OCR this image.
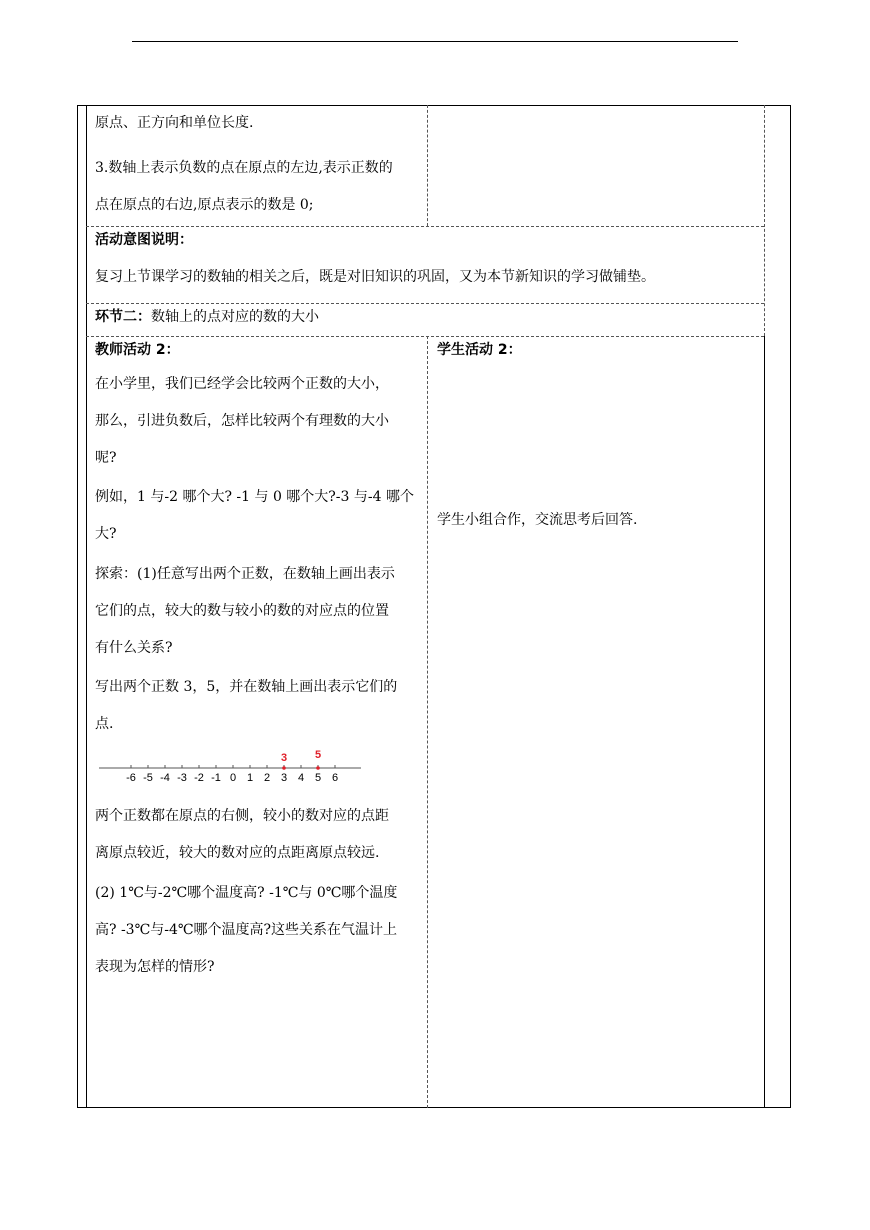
原点、正方向和单位长度.
3.数轴上表示负数的点在原点的左边,表示正数的
点在原点的右边,原点表示的数是 0;
活动意图说明：
复习上节课学习的数轴的相关之后，既是对旧知识的巩固，又为本节新知识的学习做铺垫。
环节二：数轴上的点对应的数的大小
教师活动 2：
在小学里，我们已经学会比较两个正数的大小，
那么，引进负数后，怎样比较两个有理数的大小
呢?
例如，1 与-2 哪个大? -1 与 0 哪个大?-3 与-4 哪个
大?
探索：(1)任意写出两个正数，在数轴上画出表示
它们的点，较大的数与较小的数的对应点的位置
有什么关系?
写出两个正数 3，5，并在数轴上画出表示它们的
点.
-6 -5 -4 -3 -2 -1 0 1 2 3 4 5 6
3	5
两个正数都在原点的右侧，较小的数对应的点距
离原点较近，较大的数对应的点距离原点较远.
(2) 1℃与-2℃哪个温度高? -1℃与 0℃哪个温度
高? -3℃与-4℃哪个温度高?这些关系在气温计上
表现为怎样的情形?
学生活动 2：
学生小组合作，交流思考后回答.
